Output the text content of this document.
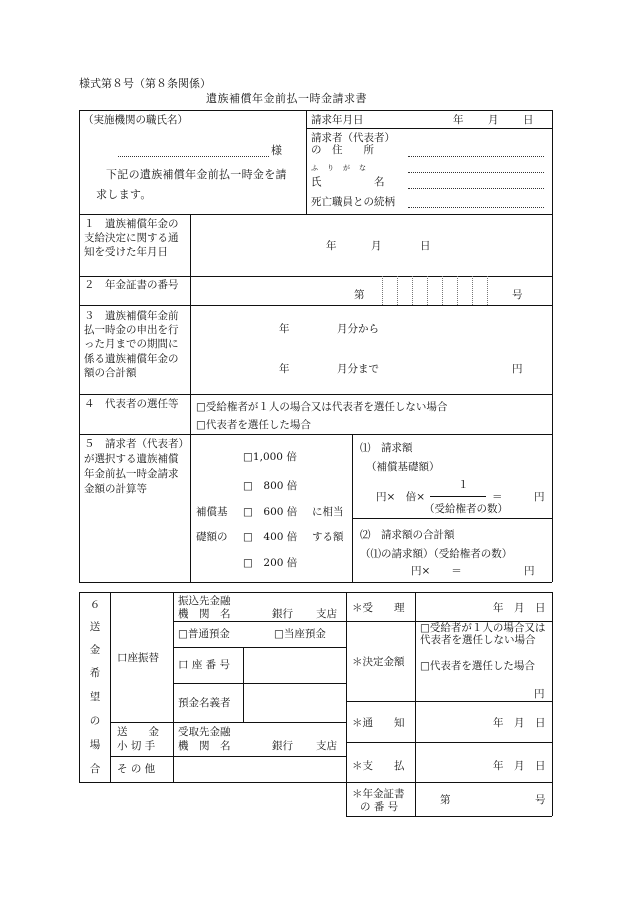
様式第８号（第８条関係）
遺族補償年金前払一時金請求書
（実施機関の職氏名）
様
下記の遺族補償年金前払一時金を請求します。
請求年月日	年 月 日
請求者（代表者）
の　住　　所
ふ　り　が　な
氏　　　　　名
死亡職員との続柄
１　遺族補償年金の支給決定に関する通知を受けた年月日
年	月	日
２　年金証書の番号
第	号
３　遺族補償年金前払一時金の申出を行った月までの期間に係る遺族補償年金の額の合計額
年	月分から
年	月分まで	円
４　代表者の選任等	□受給権者が１人の場合又は代表者を選任しない場合
□代表者を選任した場合
５　請求者（代表者）が選択する遺族補償年金前払一時金請求金額の計算等
□1,000 倍
□　800 倍
□　600 倍
□　400 倍
□　200 倍
補償基
礎額の
に相当
する額
⑴　請求額
（補償基礎額）
１
円×　倍×	＝	円
（受給権者の数）
⑵　請求額の合計額
（⑴の請求額）（受給権者の数）
円×　　＝	円
６
送
金
希
望
の
場
合
口座振替
振込先金融
機　関　名	銀行 支店
□普通預金	□当座預金
口 座 番 号
預金名義者
送　　金
小 切 手
受取先金融
機　関　名	銀行 支店
そ の 他
＊受　　理	年　月　日
＊決定金額
□受給者が１人の場合又は代表者を選任しない場合
□代表者を選任した場合
円
＊通　　知	年　月　日
＊支　　払	年　月　日
＊年金証書
の 番 号
第	号
